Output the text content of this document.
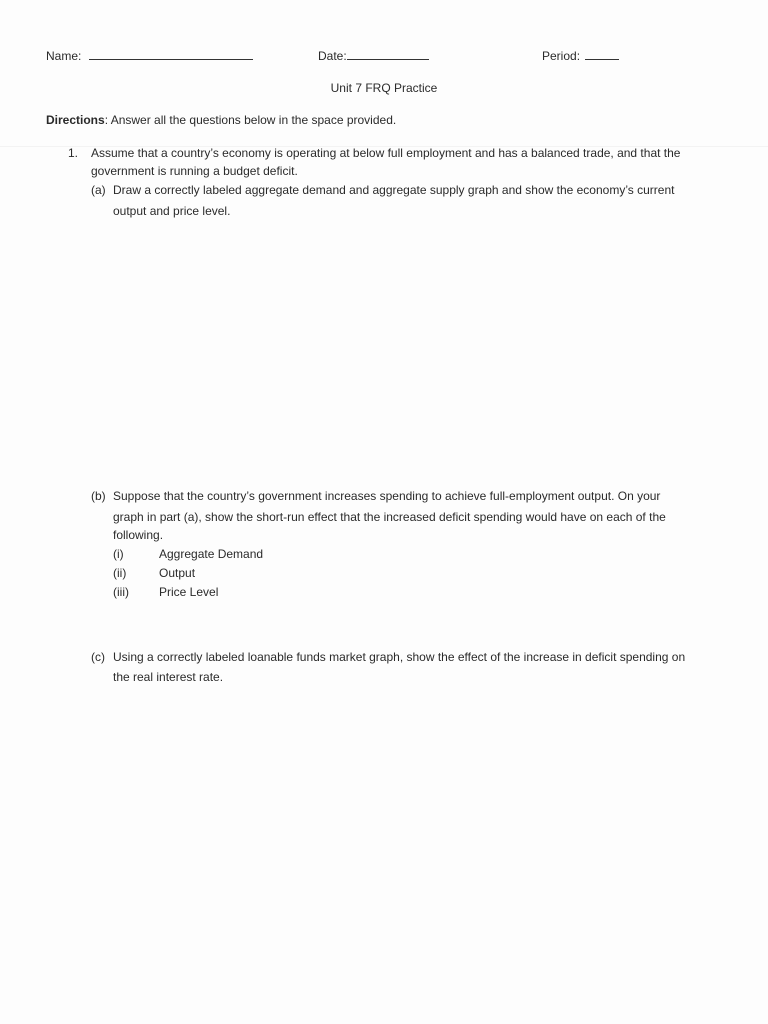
Name:	Date:	Period:
Unit 7 FRQ Practice
Directions: Answer all the questions below in the space provided.
1. Assume that a country’s economy is operating at below full employment and has a balanced trade, and that the
government is running a budget deficit.
(a) Draw a correctly labeled aggregate demand and aggregate supply graph and show the economy’s current
output and price level.
(b) Suppose that the country’s government increases spending to achieve full-employment output. On your
graph in part (a), show the short-run effect that the increased deficit spending would have on each of the
following.
(i)	Aggregate Demand
(ii)	Output
(iii)	Price Level
(c) Using a correctly labeled loanable funds market graph, show the effect of the increase in deficit spending on
the real interest rate.
